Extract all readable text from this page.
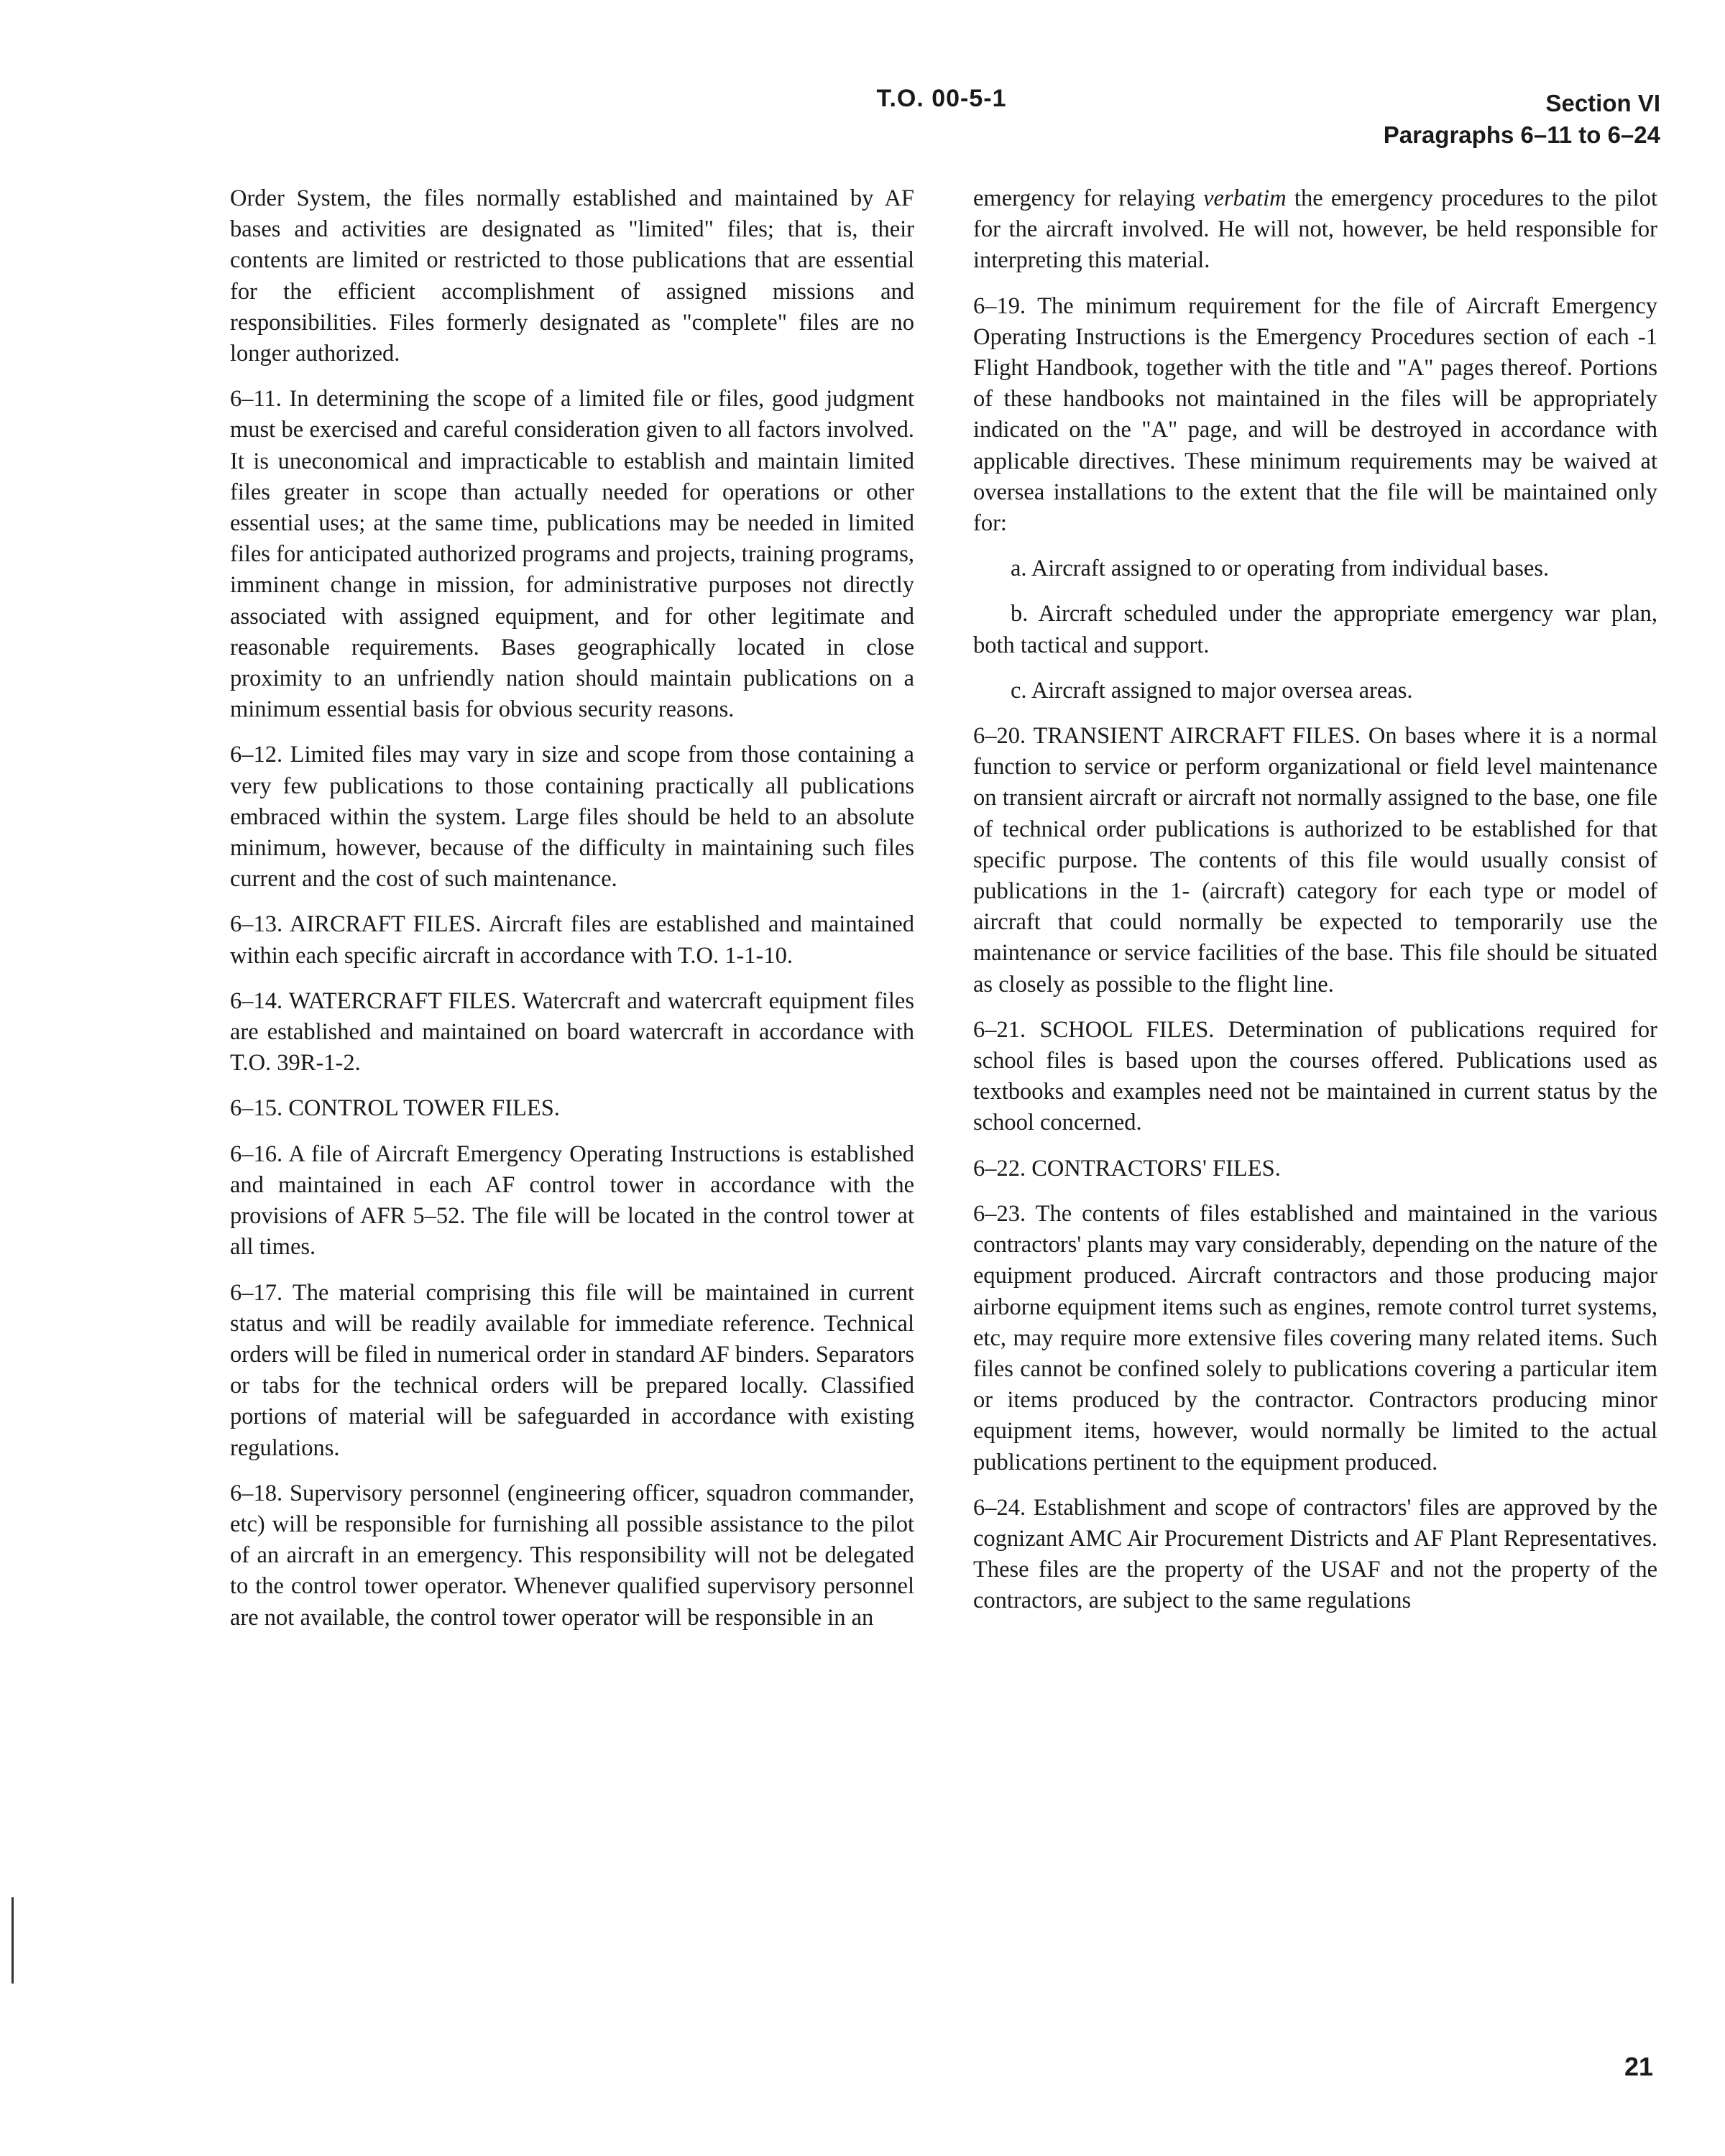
T.O. 00-5-1	Section VI
Paragraphs 6–11 to 6–24

Order System, the files normally established and maintained by AF bases and activities are designated as "limited" files; that is, their contents are limited or restricted to those publications that are essential for the efficient accomplishment of assigned missions and responsibilities. Files formerly designated as "complete" files are no longer authorized.

6–11. In determining the scope of a limited file or files, good judgment must be exercised and careful consideration given to all factors involved. It is uneconomical and impracticable to establish and maintain limited files greater in scope than actually needed for operations or other essential uses; at the same time, publications may be needed in limited files for anticipated authorized programs and projects, training programs, imminent change in mission, for administrative purposes not directly associated with assigned equipment, and for other legitimate and reasonable requirements. Bases geographically located in close proximity to an unfriendly nation should maintain publications on a minimum essential basis for obvious security reasons.

6–12. Limited files may vary in size and scope from those containing a very few publications to those containing practically all publications embraced within the system. Large files should be held to an absolute minimum, however, because of the difficulty in maintaining such files current and the cost of such maintenance.

6–13. AIRCRAFT FILES. Aircraft files are established and maintained within each specific aircraft in accordance with T.O. 1-1-10.

6–14. WATERCRAFT FILES. Watercraft and watercraft equipment files are established and maintained on board watercraft in accordance with T.O. 39R-1-2.

6–15. CONTROL TOWER FILES.

6–16. A file of Aircraft Emergency Operating Instructions is established and maintained in each AF control tower in accordance with the provisions of AFR 5–52. The file will be located in the control tower at all times.

6–17. The material comprising this file will be maintained in current status and will be readily available for immediate reference. Technical orders will be filed in numerical order in standard AF binders. Separators or tabs for the technical orders will be prepared locally. Classified portions of material will be safeguarded in accordance with existing regulations.

6–18. Supervisory personnel (engineering officer, squadron commander, etc) will be responsible for furnishing all possible assistance to the pilot of an aircraft in an emergency. This responsibility will not be delegated to the control tower operator. Whenever qualified supervisory personnel are not available, the control tower operator will be responsible in an

emergency for relaying verbatim the emergency procedures to the pilot for the aircraft involved. He will not, however, be held responsible for interpreting this material.

6–19. The minimum requirement for the file of Aircraft Emergency Operating Instructions is the Emergency Procedures section of each -1 Flight Handbook, together with the title and "A" pages thereof. Portions of these handbooks not maintained in the files will be appropriately indicated on the "A" page, and will be destroyed in accordance with applicable directives. These minimum requirements may be waived at oversea installations to the extent that the file will be maintained only for:

a. Aircraft assigned to or operating from individual bases.

b. Aircraft scheduled under the appropriate emergency war plan, both tactical and support.

c. Aircraft assigned to major oversea areas.

6–20. TRANSIENT AIRCRAFT FILES. On bases where it is a normal function to service or perform organizational or field level maintenance on transient aircraft or aircraft not normally assigned to the base, one file of technical order publications is authorized to be established for that specific purpose. The contents of this file would usually consist of publications in the 1- (aircraft) category for each type or model of aircraft that could normally be expected to temporarily use the maintenance or service facilities of the base. This file should be situated as closely as possible to the flight line.

6–21. SCHOOL FILES. Determination of publications required for school files is based upon the courses offered. Publications used as textbooks and examples need not be maintained in current status by the school concerned.

6–22. CONTRACTORS' FILES.

6–23. The contents of files established and maintained in the various contractors' plants may vary considerably, depending on the nature of the equipment produced. Aircraft contractors and those producing major airborne equipment items such as engines, remote control turret systems, etc, may require more extensive files covering many related items. Such files cannot be confined solely to publications covering a particular item or items produced by the contractor. Contractors producing minor equipment items, however, would normally be limited to the actual publications pertinent to the equipment produced.

6–24. Establishment and scope of contractors' files are approved by the cognizant AMC Air Procurement Districts and AF Plant Representatives. These files are the property of the USAF and not the property of the contractors, are subject to the same regulations

21
